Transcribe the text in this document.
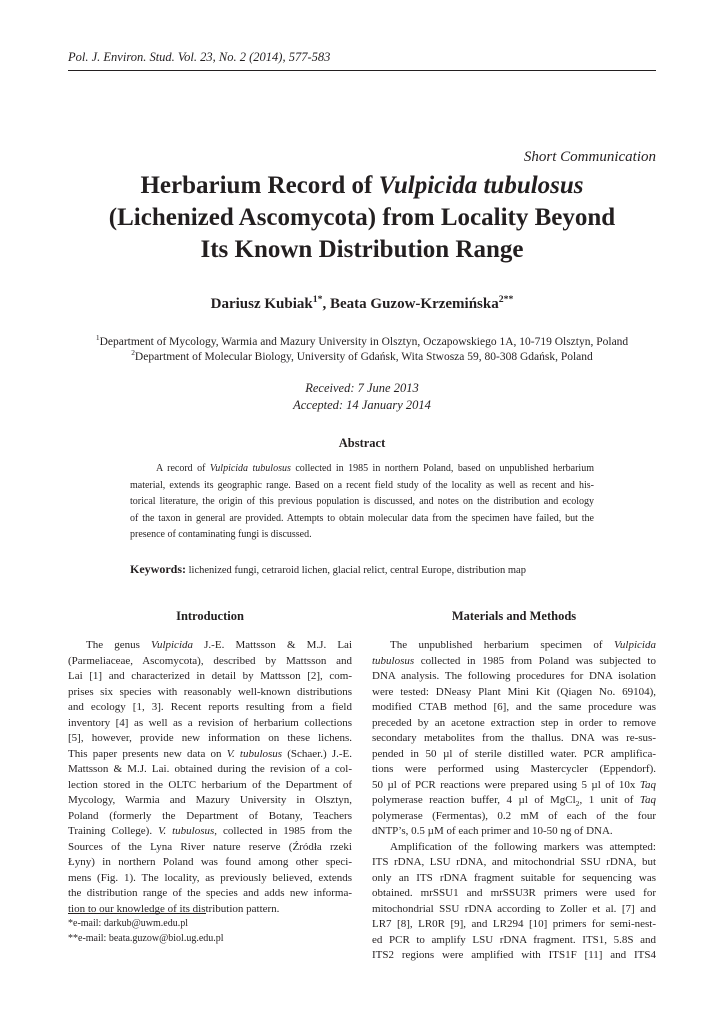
Pol. J. Environ. Stud. Vol. 23, No. 2 (2014), 577-583
Short Communication
Herbarium Record of Vulpicida tubulosus
(Lichenized Ascomycota) from Locality Beyond
Its Known Distribution Range
Dariusz Kubiak$^{1*}$, Beata Guzow-Krzemińska$^{2**}$
$^1$Department of Mycology, Warmia and Mazury University in Olsztyn, Oczapowskiego 1A, 10-719 Olsztyn, Poland
$^2$Department of Molecular Biology, University of Gdańsk, Wita Stwosza 59, 80-308 Gdańsk, Poland
Received: 7 June 2013
Accepted: 14 January 2014
Abstract
A record of Vulpicida tubulosus collected in 1985 in northern Poland, based on unpublished herbarium
material, extends its geographic range. Based on a recent field study of the locality as well as recent and his-
torical literature, the origin of this previous population is discussed, and notes on the distribution and ecology
of the taxon in general are provided. Attempts to obtain molecular data from the specimen have failed, but the
presence of contaminating fungi is discussed.
Keywords: lichenized fungi, cetraroid lichen, glacial relict, central Europe, distribution map
Introduction	Materials and Methods
The genus Vulpicida J.-E. Mattsson & M.J. Lai
(Parmeliaceae, Ascomycota), described by Mattsson and
Lai [1] and characterized in detail by Mattsson [2], com-
prises six species with reasonably well-known distributions
and ecology [1, 3]. Recent reports resulting from a field
inventory [4] as well as a revision of herbarium collections
[5], however, provide new information on these lichens.
This paper presents new data on V. tubulosus (Schaer.) J.-E.
Mattsson & M.J. Lai. obtained during the revision of a col-
lection stored in the OLTC herbarium of the Department of
Mycology, Warmia and Mazury University in Olsztyn,
Poland (formerly the Department of Botany, Teachers
Training College). V. tubulosus, collected in 1985 from the
Sources of the Lyna River nature reserve (Źródła rzeki
Łyny) in northern Poland was found among other speci-
mens (Fig. 1). The locality, as previously believed, extends
the distribution range of the species and adds new informa-
tion to our knowledge of its distribution pattern.
The unpublished herbarium specimen of Vulpicida
tubulosus collected in 1985 from Poland was subjected to
DNA analysis. The following procedures for DNA isolation
were tested: DNeasy Plant Mini Kit (Qiagen No. 69104),
modified CTAB method [6], and the same procedure was
preceded by an acetone extraction step in order to remove
secondary metabolites from the thallus. DNA was re-sus-
pended in 50 µl of sterile distilled water. PCR amplifica-
tions were performed using Mastercycler (Eppendorf).
50 µl of PCR reactions were prepared using 5 µl of 10x Taq
polymerase reaction buffer, 4 µl of MgCl$_2$, 1 unit of Taq
polymerase (Fermentas), 0.2 mM of each of the four
dNTP’s, 0.5 µM of each primer and 10-50 ng of DNA.
Amplification of the following markers was attempted:
ITS rDNA, LSU rDNA, and mitochondrial SSU rDNA, but
only an ITS rDNA fragment suitable for sequencing was
obtained. mrSSU1 and mrSSU3R primers were used for
mitochondrial SSU rDNA according to Zoller et al. [7] and
LR7 [8], LR0R [9], and LR294 [10] primers for semi-nest-
ed PCR to amplify LSU rDNA fragment. ITS1, 5.8S and
ITS2 regions were amplified with ITS1F [11] and ITS4
*e-mail: darkub@uwm.edu.pl
**e-mail: beata.guzow@biol.ug.edu.pl
